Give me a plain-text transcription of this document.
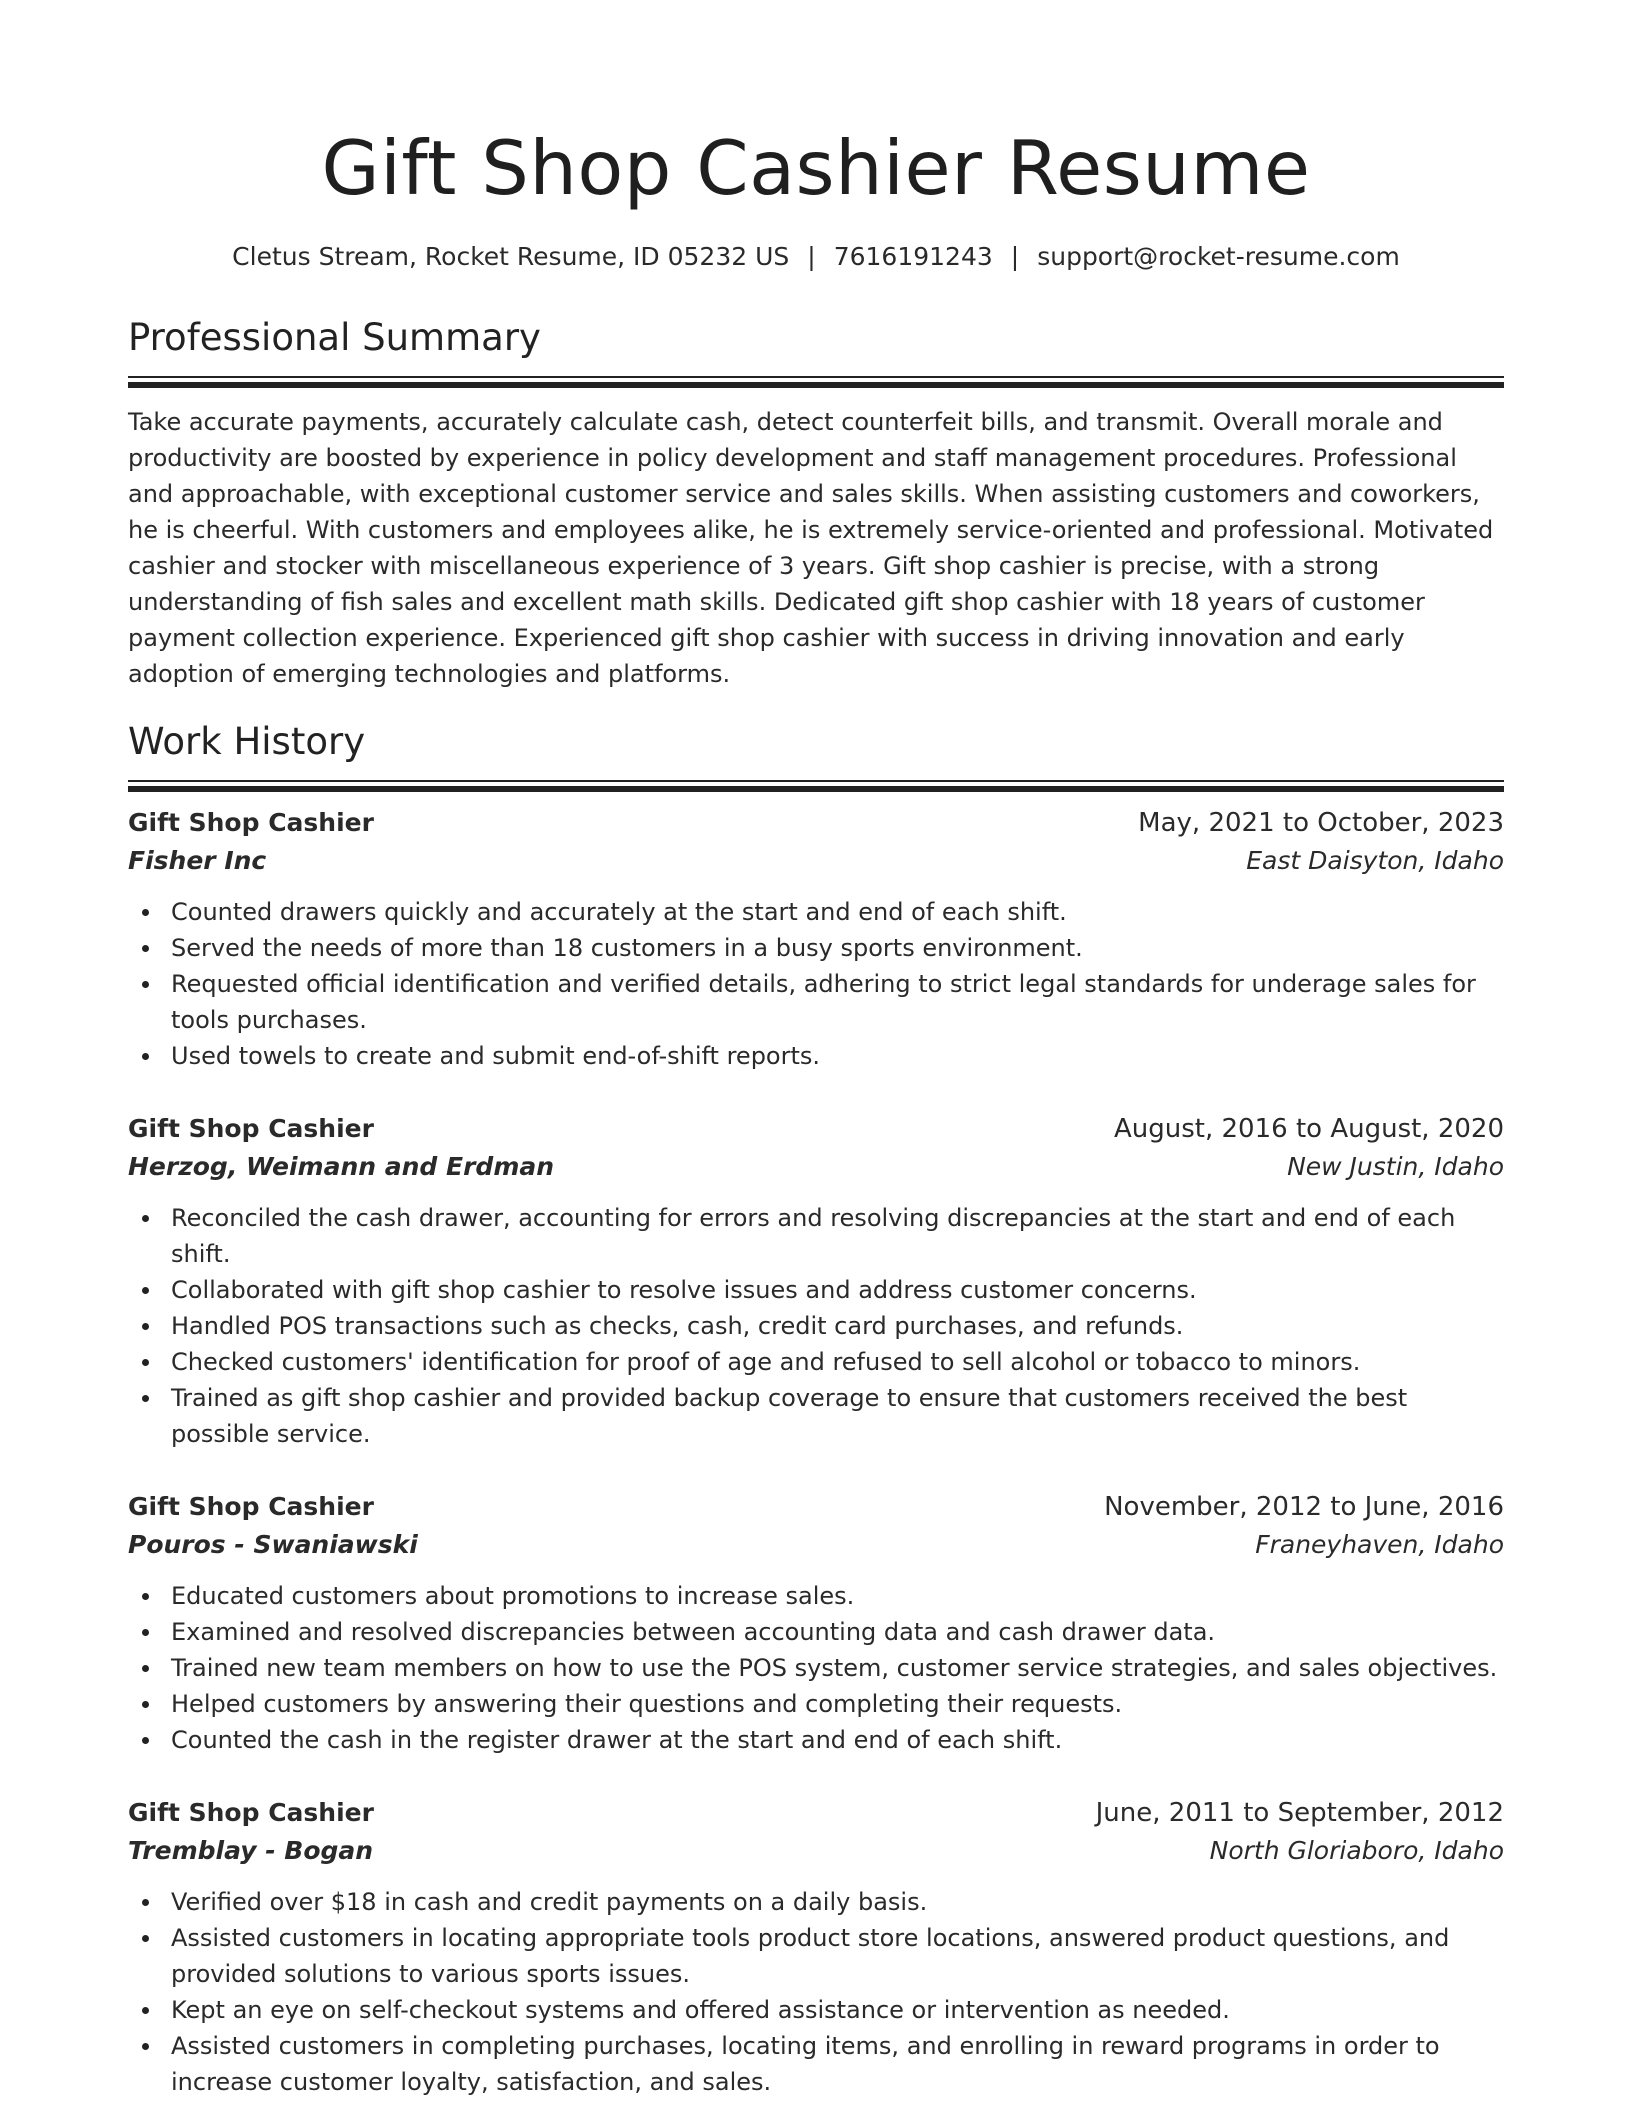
Gift Shop Cashier Resume
Cletus Stream, Rocket Resume, ID 05232 US | 7616191243 | support@rocket-resume.com
Professional Summary

Take accurate payments, accurately calculate cash, detect counterfeit bills, and transmit. Overall morale and productivity are boosted by experience in policy development and staff management procedures. Professional and approachable, with exceptional customer service and sales skills. When assisting customers and coworkers, he is cheerful. With customers and employees alike, he is extremely service-oriented and professional. Motivated cashier and stocker with miscellaneous experience of 3 years. Gift shop cashier is precise, with a strong understanding of fish sales and excellent math skills. Dedicated gift shop cashier with 18 years of customer payment collection experience. Experienced gift shop cashier with success in driving innovation and early adoption of emerging technologies and platforms.

Work History
Gift Shop Cashier	May, 2021 to October, 2023
Fisher Inc	East Daisyton, Idaho
Counted drawers quickly and accurately at the start and end of each shift.
Served the needs of more than 18 customers in a busy sports environment.
Requested official identification and verified details, adhering to strict legal standards for underage sales for tools purchases.
Used towels to create and submit end-of-shift reports.
Gift Shop Cashier	August, 2016 to August, 2020
Herzog, Weimann and Erdman	New Justin, Idaho
Reconciled the cash drawer, accounting for errors and resolving discrepancies at the start and end of each shift.
Collaborated with gift shop cashier to resolve issues and address customer concerns.
Handled POS transactions such as checks, cash, credit card purchases, and refunds.
Checked customers' identification for proof of age and refused to sell alcohol or tobacco to minors.
Trained as gift shop cashier and provided backup coverage to ensure that customers received the best possible service.
Gift Shop Cashier	November, 2012 to June, 2016
Pouros - Swaniawski	Franeyhaven, Idaho
Educated customers about promotions to increase sales.
Examined and resolved discrepancies between accounting data and cash drawer data.
Trained new team members on how to use the POS system, customer service strategies, and sales objectives.
Helped customers by answering their questions and completing their requests.
Counted the cash in the register drawer at the start and end of each shift.
Gift Shop Cashier	June, 2011 to September, 2012
Tremblay - Bogan	North Gloriaboro, Idaho
Verified over $18 in cash and credit payments on a daily basis.
Assisted customers in locating appropriate tools product store locations, answered product questions, and provided solutions to various sports issues.
Kept an eye on self-checkout systems and offered assistance or intervention as needed.
Assisted customers in completing purchases, locating items, and enrolling in reward programs in order to increase customer loyalty, satisfaction, and sales.
